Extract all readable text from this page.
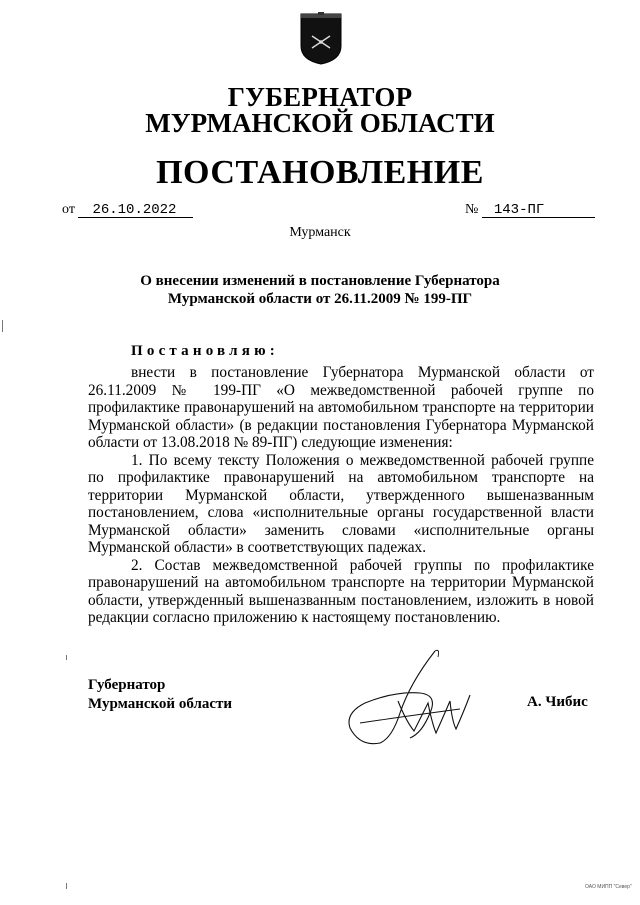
ГУБЕРНАТОР
МУРМАНСКОЙ ОБЛАСТИ
ПОСТАНОВЛЕНИЕ
от 26.10.2022	№ 143-ПГ
Мурманск
О внесении изменений в постановление Губернатора Мурманской области от 26.11.2009 № 199-ПГ
Постановляю:

внести в постановление Губернатора Мурманской области от 26.11.2009 № 199-ПГ «О межведомственной рабочей группе по профилактике правонарушений на автомобильном транспорте на территории Мурманской области» (в редакции постановления Губернатора Мурманской области от 13.08.2018 № 89-ПГ) следующие изменения:

1. По всему тексту Положения о межведомственной рабочей группе по профилактике правонарушений на автомобильном транспорте на территории Мурманской области, утвержденного вышеназванным постановлением, слова «исполнительные органы государственной власти Мурманской области» заменить словами «исполнительные органы Мурманской области» в соответствующих падежах.

2. Состав межведомственной рабочей группы по профилактике правонарушений на автомобильном транспорте на территории Мурманской области, утвержденный вышеназванным постановлением, изложить в новой редакции согласно приложению к настоящему постановлению.

Губернатор
Мурманской области	А. Чибис
ОАО МИПП "Север"
